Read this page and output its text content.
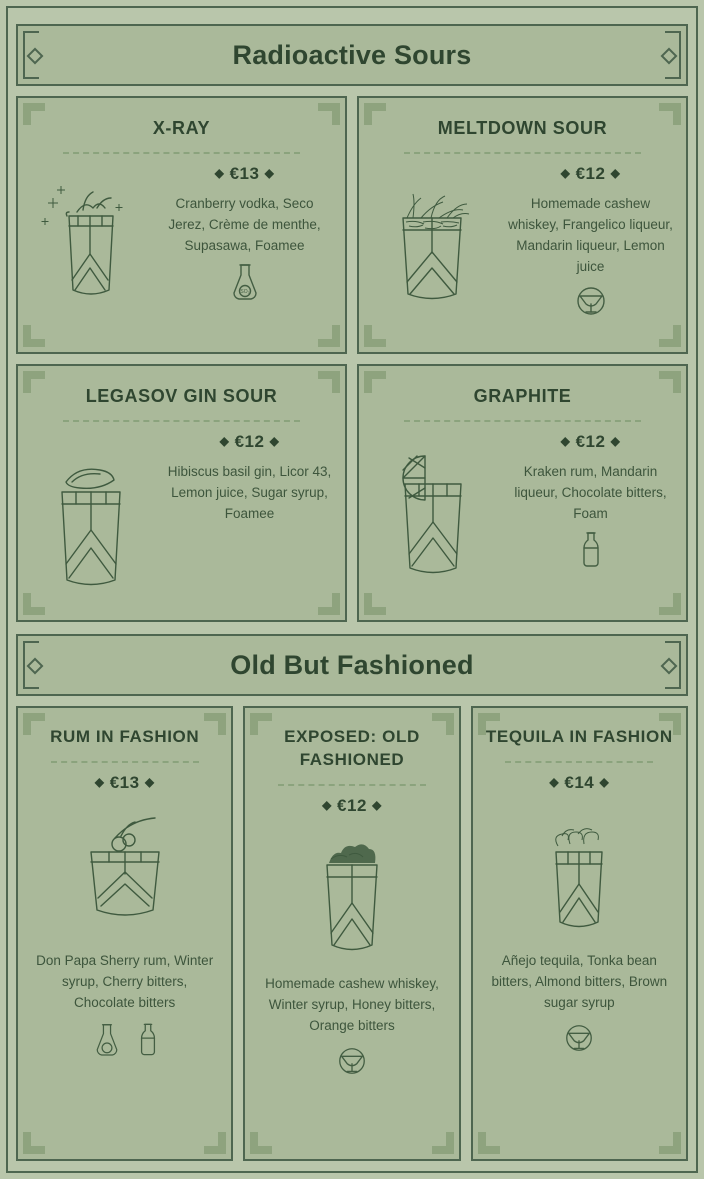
Radioactive Sours
X-RAY
◆ €13 ◆

Cranberry vodka, Seco Jerez, Crème de menthe, Supasawa, Foamee

SO₂
MELTDOWN SOUR
◆ €12 ◆

Homemade cashew whiskey, Frangelico liqueur, Mandarin liqueur, Lemon juice

LEGASOV GIN SOUR
◆ €12 ◆

Hibiscus basil gin, Licor 43, Lemon juice, Sugar syrup, Foamee

GRAPHITE
◆ €12 ◆

Kraken rum, Mandarin liqueur, Chocolate bitters, Foam

Old But Fashioned
RUM IN FASHION
◆ €13 ◆

Don Papa Sherry rum, Winter syrup, Cherry bitters, Chocolate bitters

EXPOSED: OLD FASHIONED
◆ €12 ◆

Homemade cashew whiskey, Winter syrup, Honey bitters, Orange bitters

TEQUILA IN FASHION
◆ €14 ◆

Añejo tequila, Tonka bean bitters, Almond bitters, Brown sugar syrup
